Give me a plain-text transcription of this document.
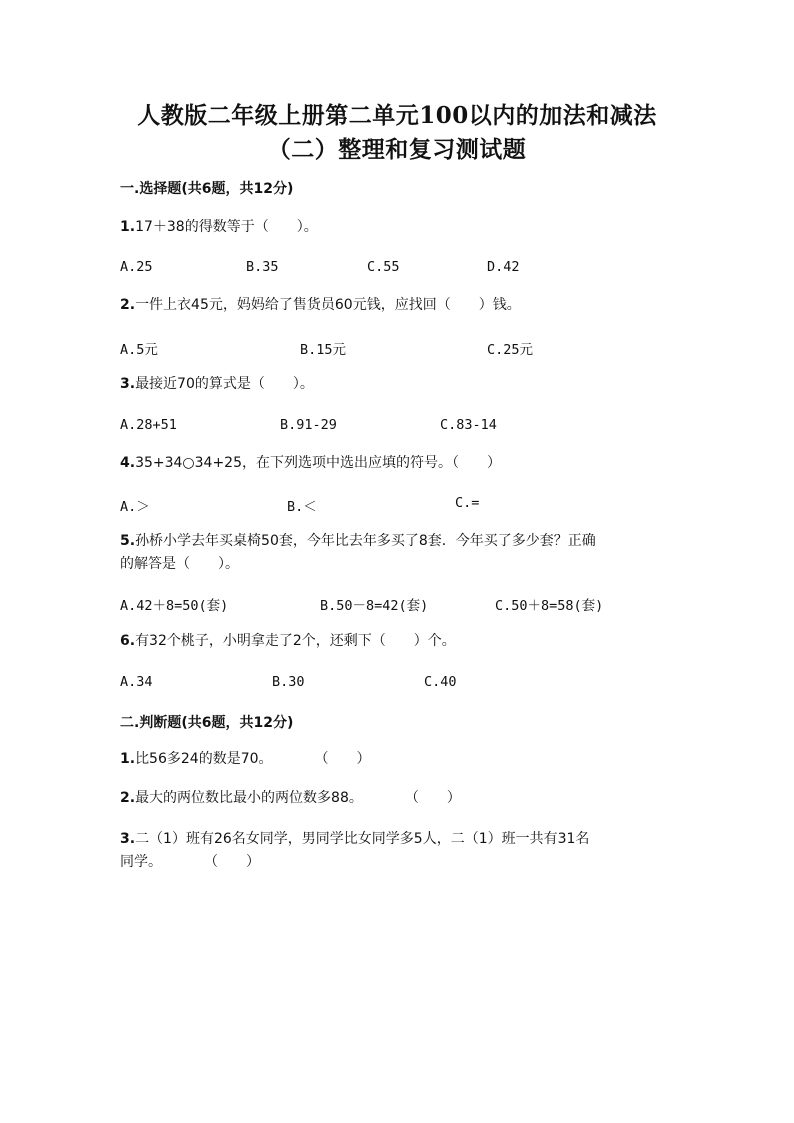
人教版二年级上册第二单元100以内的加法和减法
（二）整理和复习测试题
一.选择题(共6题，共12分)
1.17＋38的得数等于（　　）。
A.25	B.35	C.55	D.42
2.一件上衣45元，妈妈给了售货员60元钱，应找回（　　）钱。
A.5元	B.15元	C.25元
3.最接近70的算式是（　　）。
A.28+51	B.91-29	C.83-14
4.35+34○34+25，在下列选项中选出应填的符号。（　　）
A.＞	B.＜	C.=
5.孙桥小学去年买桌椅50套，今年比去年多买了8套．今年买了多少套？正确
的解答是（　　）。
A.42＋8=50(套)	B.50－8=42(套)	C.50＋8=58(套)
6.有32个桃子，小明拿走了2个，还剩下（　　）个。
A.34	B.30	C.40
二.判断题(共6题，共12分)
1.比56多24的数是70。　　　　（　　）
2.最大的两位数比最小的两位数多88。　　　　（　　）
3.二（1）班有26名女同学，男同学比女同学多5人，二（1）班一共有31名
同学。　　　　（　　）
